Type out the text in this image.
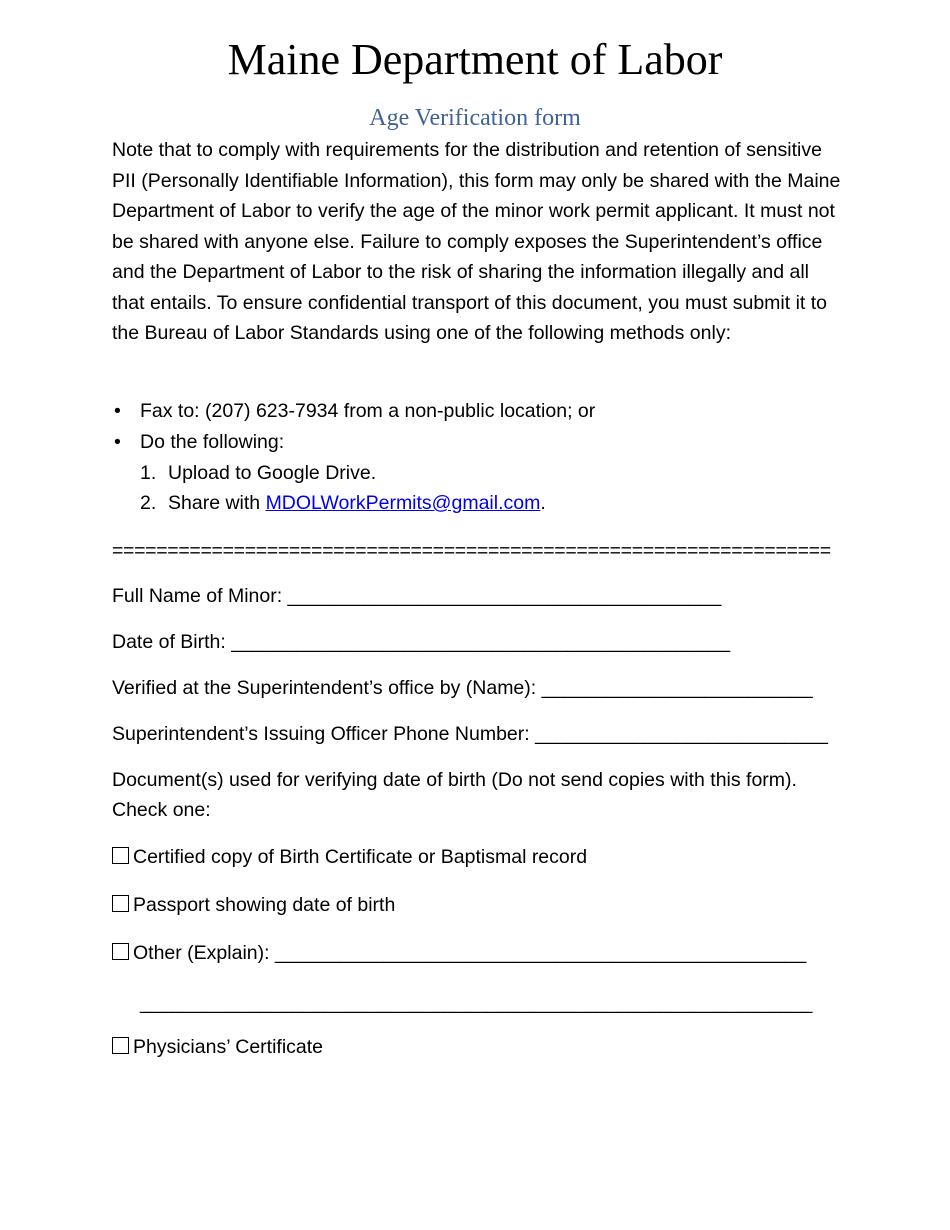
Maine Department of Labor
Age Verification form

Note that to comply with requirements for the distribution and retention of sensitive PII (Personally Identifiable Information), this form may only be shared with the Maine Department of Labor to verify the age of the minor work permit applicant. It must not be shared with anyone else. Failure to comply exposes the Superintendent’s office and the Department of Labor to the risk of sharing the information illegally and all that entails. To ensure confidential transport of this document, you must submit it to the Bureau of Labor Standards using one of the following methods only:

• Fax to: (207) 623-7934 from a non-public location; or
• Do the following:
1. Upload to Google Drive.
2. Share with MDOLWorkPermits@gmail.com.
=================================================================
Full Name of Minor: ________________________________________
Date of Birth: ______________________________________________
Verified at the Superintendent’s office by (Name): _________________________
Superintendent’s Issuing Officer Phone Number: ___________________________
Document(s) used for verifying date of birth (Do not send copies with this form).
Check one:
Certified copy of Birth Certificate or Baptismal record
Passport showing date of birth
Other (Explain): _________________________________________________
______________________________________________________________
Physicians’ Certificate
